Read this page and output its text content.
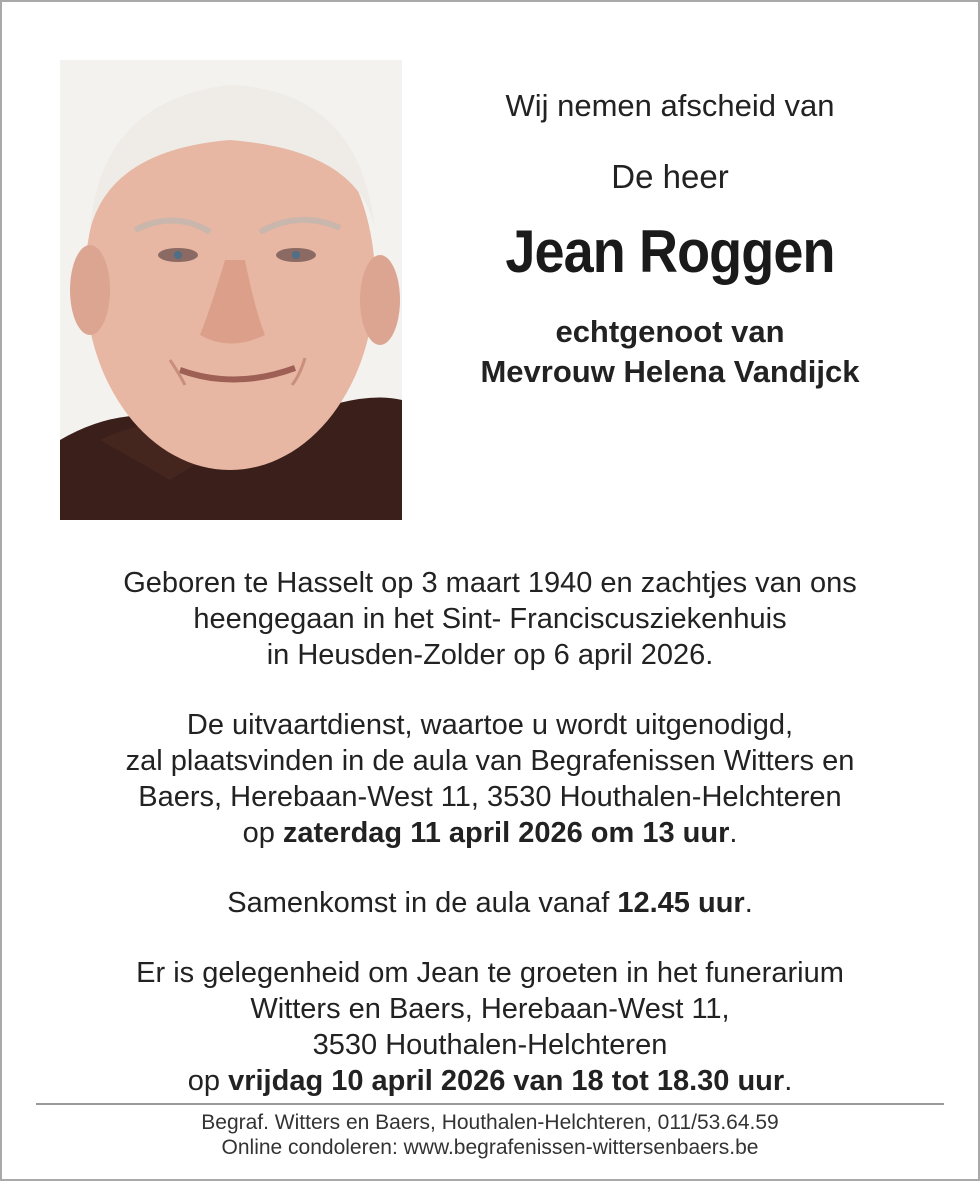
Wij nemen afscheid van

De heer

Jean Roggen

echtgenoot van

Mevrouw Helena Vandijck

Geboren te Hasselt op 3 maart 1940 en zachtjes van ons

heengegaan in het Sint- Franciscusziekenhuis

in Heusden-Zolder op 6 april 2026.

De uitvaartdienst, waartoe u wordt uitgenodigd,

zal plaatsvinden in de aula van Begrafenissen Witters en

Baers, Herebaan-West 11, 3530 Houthalen-Helchteren

op zaterdag 11 april 2026 om 13 uur.

Samenkomst in de aula vanaf 12.45 uur.

Er is gelegenheid om Jean te groeten in het funerarium

Witters en Baers, Herebaan-West 11,

3530 Houthalen-Helchteren

op vrijdag 10 april 2026 van 18 tot 18.30 uur.

Begraf. Witters en Baers, Houthalen-Helchteren, 011/53.64.59

Online condoleren: www.begrafenissen-wittersenbaers.be
